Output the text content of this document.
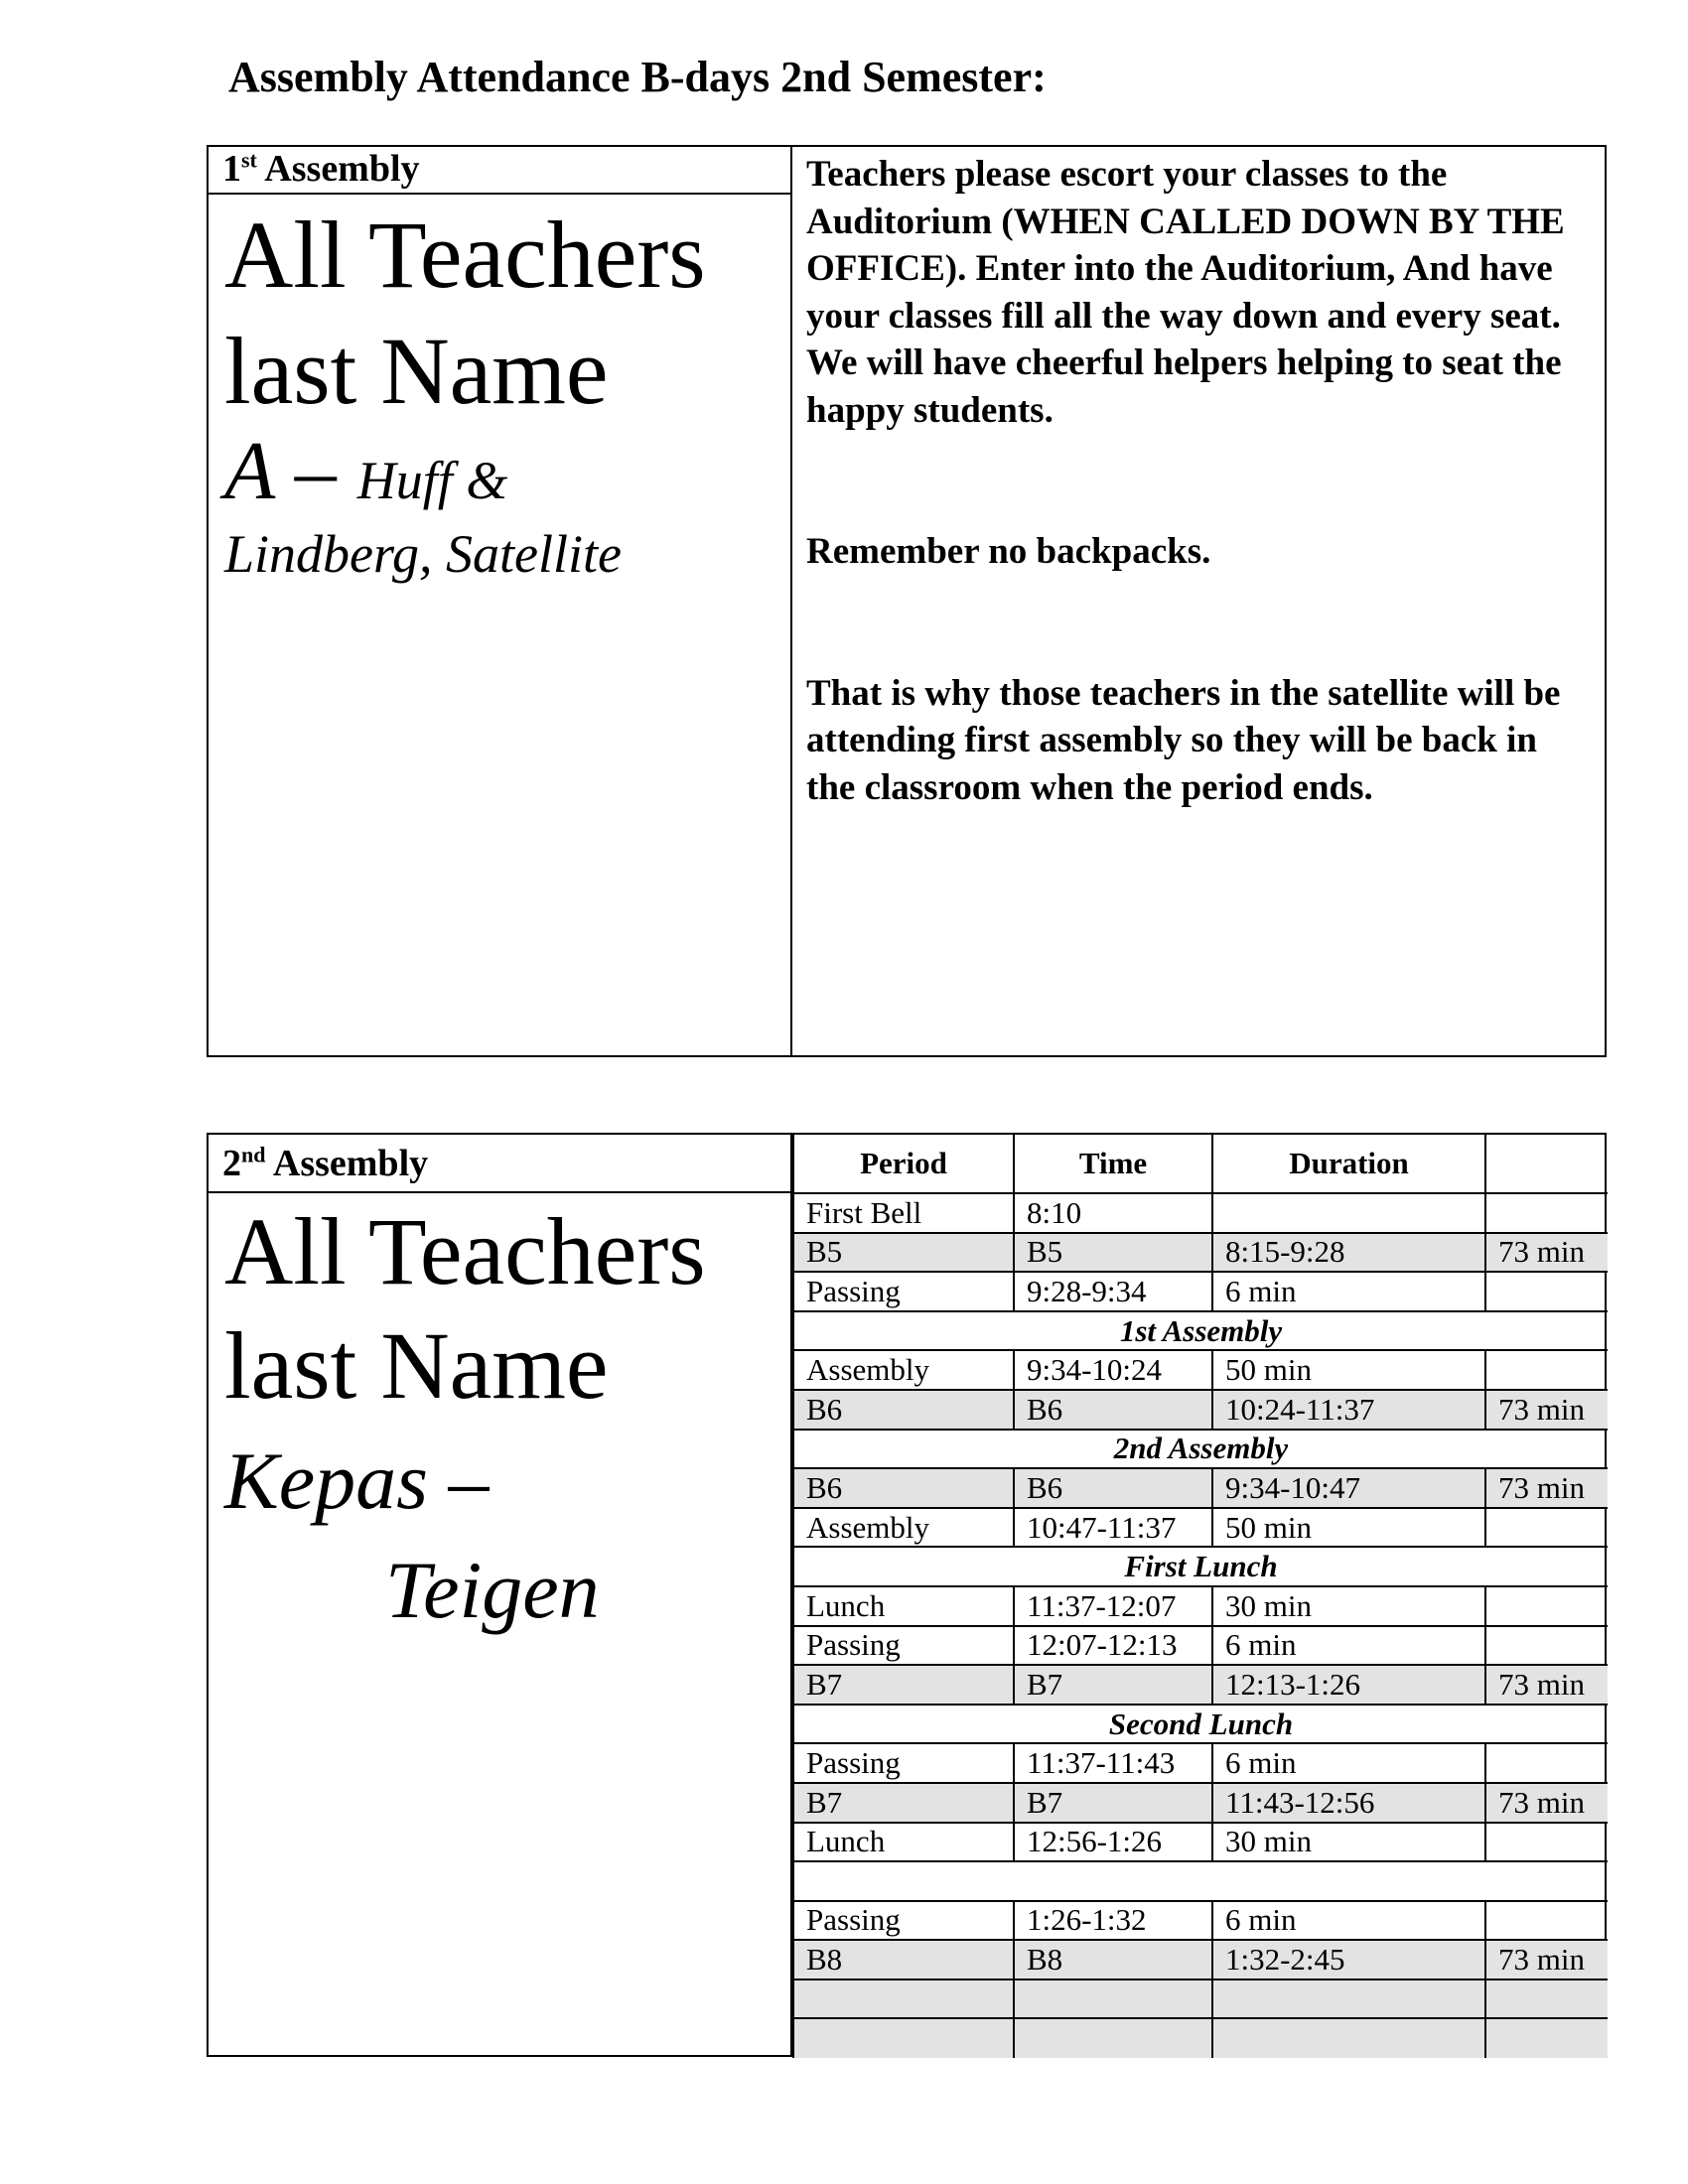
Assembly Attendance B-days 2nd Semester:
1st Assembly
All Teachers
last Name
A – Huff &
Lindberg, Satellite

Teachers please escort your classes to the Auditorium (WHEN CALLED DOWN BY THE OFFICE). Enter into the Auditorium, And have your classes fill all the way down and every seat. We will have cheerful helpers helping to seat the happy students.

Remember no backpacks.

That is why those teachers in the satellite will be attending first assembly so they will be back in the classroom when the period ends.

2nd Assembly
All Teachers
last Name
Kepas –
Teigen
Period	Time	Duration	
First Bell	8:10		
B5	B5	8:15-9:28	73 min
Passing	9:28-9:34	6 min	
1st Assembly			
Assembly	9:34-10:24	50 min	
B6	B6	10:24-11:37	73 min
2nd Assembly			
B6	B6	9:34-10:47	73 min
Assembly	10:47-11:37	50 min	
First Lunch			
Lunch	11:37-12:07	30 min	
Passing	12:07-12:13	6 min	
B7	B7	12:13-1:26	73 min
Second Lunch			
Passing	11:37-11:43	6 min	
B7	B7	11:43-12:56	73 min
Lunch	12:56-1:26	30 min	

Passing	1:26-1:32	6 min	
B8	B8	1:32-2:45	73 min
